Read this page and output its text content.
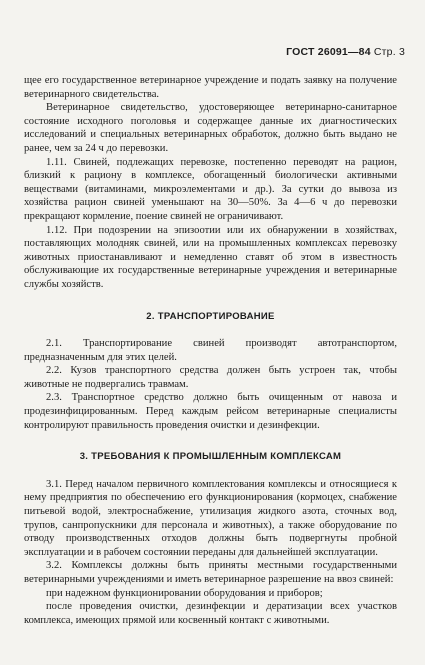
ГОСТ 26091—84 Стр. 3

щее его государственное ветеринарное учреждение и подать заявку на получение ветеринарного свидетельства.

Ветеринарное свидетельство, удостоверяющее ветеринарно-санитарное состояние исходного поголовья и содержащее данные их диагностических исследований и специальных ветеринарных обработок, должно быть выдано не ранее, чем за 24 ч до перевозки.

1.11. Свиней, подлежащих перевозке, постепенно переводят на рацион, близкий к рациону в комплексе, обогащенный биологически активными веществами (витаминами, микроэлементами и др.). За сутки до вывоза из хозяйства рацион свиней уменьшают на 30—50%. За 4—6 ч до перевозки прекращают кормление, поение свиней не ограничивают.

1.12. При подозрении на эпизоотии или их обнаружении в хозяйствах, поставляющих молодняк свиней, или на промышленных комплексах перевозку животных приостанавливают и немедленно ставят об этом в известность обслуживающие их государственные ветеринарные учреждения и ветеринарные службы хозяйств.

2. ТРАНСПОРТИРОВАНИЕ

2.1. Транспортирование свиней производят автотранспортом, предназначенным для этих целей.

2.2. Кузов транспортного средства должен быть устроен так, чтобы животные не подвергались травмам.

2.3. Транспортное средство должно быть очищенным от навоза и продезинфицированным. Перед каждым рейсом ветеринарные специалисты контролируют правильность проведения очистки и дезинфекции.

3. ТРЕБОВАНИЯ К ПРОМЫШЛЕННЫМ КОМПЛЕКСАМ

3.1. Перед началом первичного комплектования комплексы и относящиеся к нему предприятия по обеспечению его функционирования (кормоцех, снабжение питьевой водой, электроснабжение, утилизация жидкого азота, сточных вод, трупов, санпропускники для персонала и животных), а также оборудование по отводу производственных отходов должны быть подвергнуты пробной эксплуатации и в рабочем состоянии переданы для дальнейшей эксплуатации.

3.2. Комплексы должны быть приняты местными государственными ветеринарными учреждениями и иметь ветеринарное разрешение на ввоз свиней:

при надежном функционировании оборудования и приборов;

после проведения очистки, дезинфекции и дератизации всех участков комплекса, имеющих прямой или косвенный контакт с животными.
